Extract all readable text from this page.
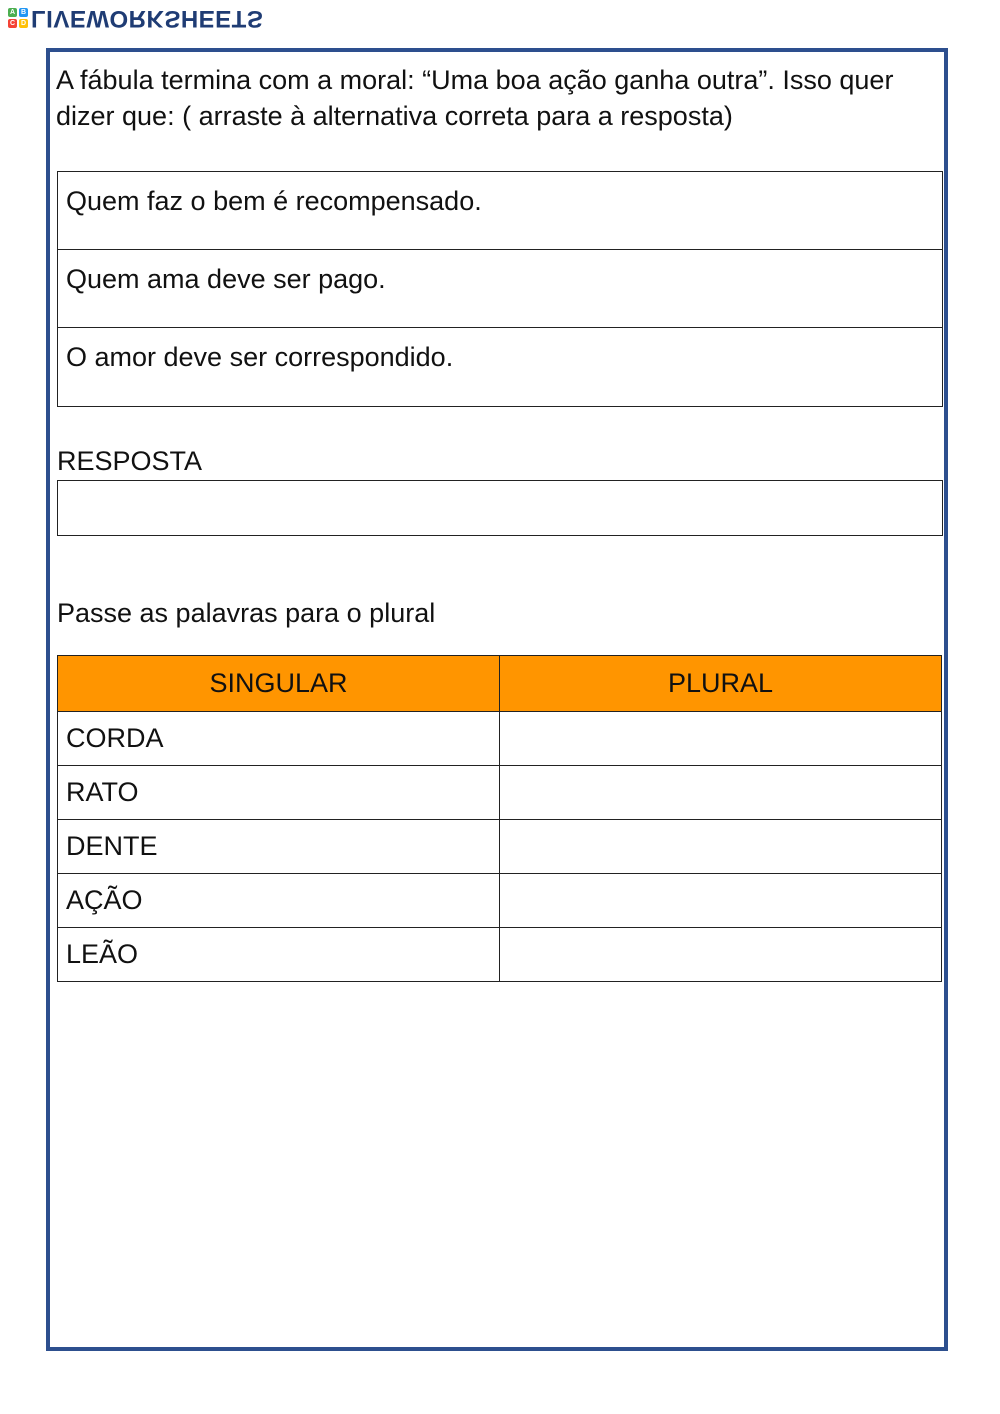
A B
C D LIVEWORKSHEETS

A fábula termina com a moral: “Uma boa ação ganha outra”. Isso quer dizer que: ( arraste à alternativa correta para a resposta)

Quem faz o bem é recompensado.
Quem ama deve ser pago.
O amor deve ser correspondido.

RESPOSTA

Passe as palavras para o plural

SINGULAR	PLURAL
CORDA	
RATO	
DENTE	
AÇÃO	
LEÃO	
